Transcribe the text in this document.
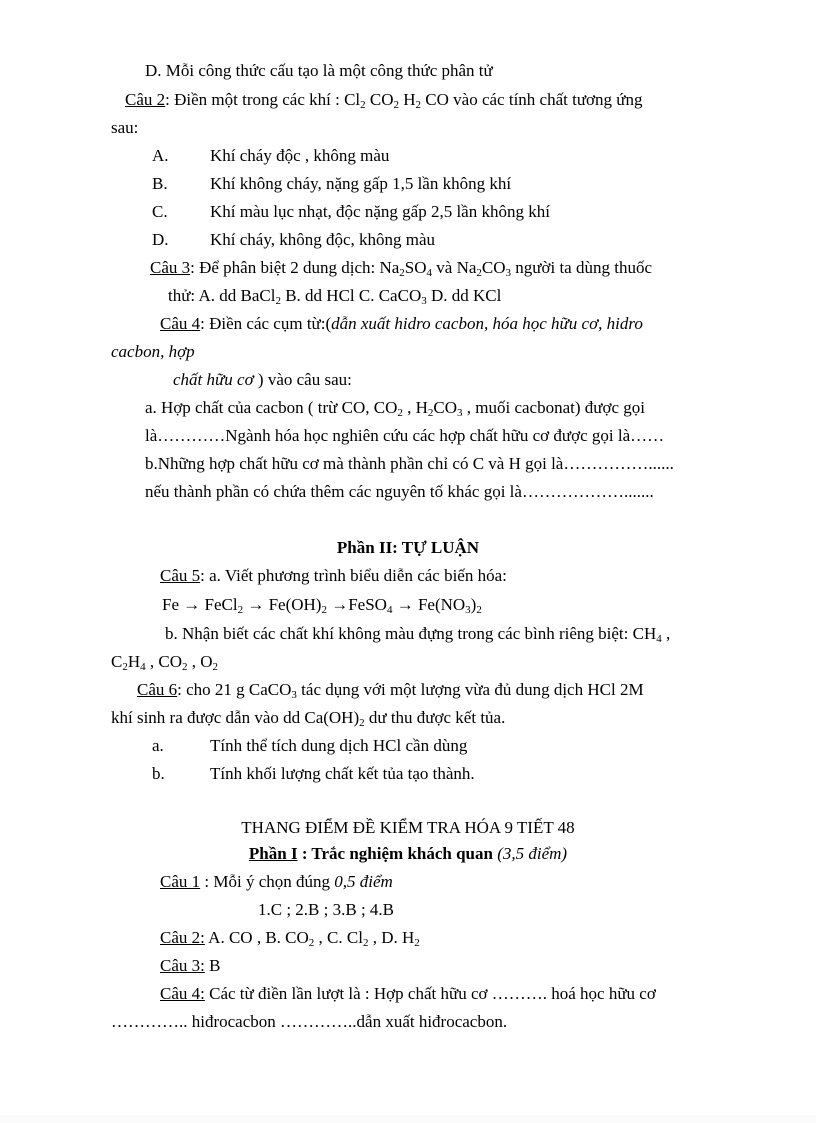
D. Mỗi công thức cấu tạo là một công thức phân tử
Câu 2: Điền một trong các khí : $Cl_2$ $CO_2$ $H_2$ CO vào các tính chất tương ứng
sau:
A. Khí cháy độc , không màu
B. Khí không cháy, nặng gấp 1,5 lần không khí
C. Khí màu lục nhạt, độc nặng gấp 2,5 lần không khí
D. Khí cháy, không độc, không màu
Câu 3: Để phân biệt 2 dung dịch: $Na_2SO_4$ và $Na_2CO_3$ người ta dùng thuốc
thử: A. dd BaCl$_2$ B. dd HCl C. CaCO$_3$ D. dd KCl
Câu 4: Điền các cụm từ:(dẫn xuất hidro cacbon, hóa học hữu cơ, hidro
cacbon, hợp
chất hữu cơ ) vào câu sau:
a. Hợp chất của cacbon ( trừ CO, $CO_2$ , $H_2CO_3$ , muối cacbonat) được gọi
là…………Ngành hóa học nghiên cứu các hợp chất hữu cơ được gọi là……
b.Những hợp chất hữu cơ mà thành phần chỉ có C và H gọi là……………......
nếu thành phần có chứa thêm các nguyên tố khác gọi là……………….......
Phần II: TỰ LUẬN
Câu 5: a. Viết phương trình biểu diễn các biến hóa:
Fe → FeCl$_2$ → $Fe(OH)_2$ →FeSO$_4$ → $Fe(NO_3)_2$
b. Nhận biết các chất khí không màu đựng trong các bình riêng biệt: $CH_4$ ,
$C_2H_4$ , $CO_2$ , $O_2$
Câu 6: cho 21 g CaCO$_3$ tác dụng với một lượng vừa đủ dung dịch HCl 2M
khí sinh ra được dẫn vào dd $Ca(OH)_2$ dư thu được kết tủa.
a.	Tính thể tích dung dịch HCl cần dùng
b.	Tính khối lượng chất kết tủa tạo thành.
THANG ĐIỂM ĐỀ KIỂM TRA HÓA 9 TIẾT 48
Phần I : Trắc nghiệm khách quan (3,5 điểm)
Câu 1 : Mỗi ý chọn đúng 0,5 điểm
1.C ; 2.B ; 3.B ; 4.B
Câu 2: A. CO , B. $CO_2$ , C. $Cl_2$ , D. $H_2$
Câu 3: B
Câu 4: Các từ điền lần lượt là : Hợp chất hữu cơ ………. hoá học hữu cơ
………….. hiđrocacbon …………..dẫn xuất hiđrocacbon.
